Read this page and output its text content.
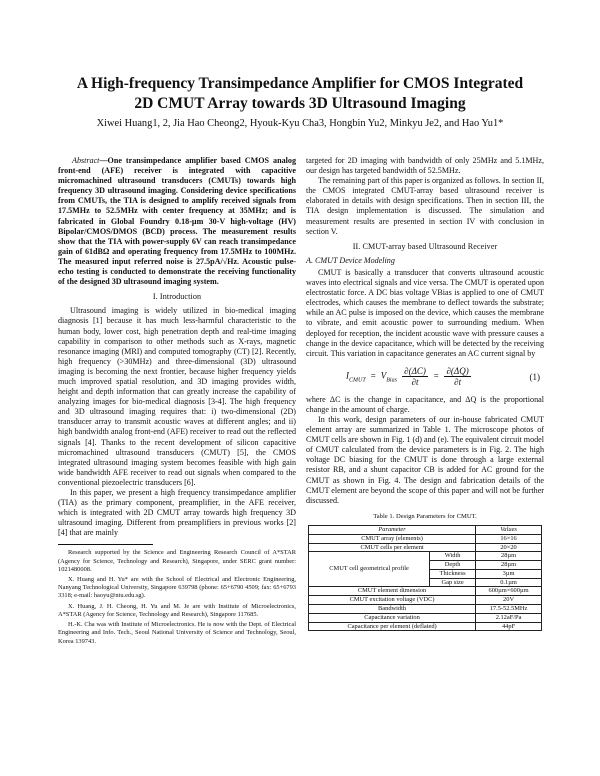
A High-frequency Transimpedance Amplifier for CMOS Integrated
2D CMUT Array towards 3D Ultrasound Imaging
Xiwei Huang1, 2, Jia Hao Cheong2, Hyouk-Kyu Cha3, Hongbin Yu2, Minkyu Je2, and Hao Yu1*

Abstract—One transimpedance amplifier based CMOS analog front-end (AFE) receiver is integrated with capacitive micromachined ultrasound transducers (CMUTs) towards high frequency 3D ultrasound imaging. Considering device specifications from CMUTs, the TIA is designed to amplify received signals from 17.5MHz to 52.5MHz with center frequency at 35MHz; and is fabricated in Global Foundry 0.18-µm 30-V high-voltage (HV) Bipolar/CMOS/DMOS (BCD) process. The measurement results show that the TIA with power-supply 6V can reach transimpedance gain of 61dBΩ and operating frequency from 17.5MHz to 100MHz. The measured input referred noise is 27.5pA/√Hz. Acoustic pulse-echo testing is conducted to demonstrate the receiving functionality of the designed 3D ultrasound imaging system.

I. Introduction

Ultrasound imaging is widely utilized in bio-medical imaging diagnosis [1] because it has much less-harmful characteristic to the human body, lower cost, high penetration depth and real-time imaging capability in comparison to other methods such as X-rays, magnetic resonance imaging (MRI) and computed tomography (CT) [2]. Recently, high frequency (>30MHz) and three-dimensional (3D) ultrasound imaging is becoming the next frontier, because higher frequency yields much improved spatial resolution, and 3D imaging provides width, height and depth information that can greatly increase the capability of analyzing images for bio-medical diagnosis [3-4]. The high frequency and 3D ultrasound imaging requires that: i) two-dimensional (2D) transducer array to transmit acoustic waves at different angles; and ii) high bandwidth analog front-end (AFE) receiver to read out the reflected signals [4]. Thanks to the recent development of silicon capacitive micromachined ultrasound transducers (CMUT) [5], the CMOS integrated ultrasound imaging system becomes feasible with high gain wide bandwidth AFE receiver to read out signals when compared to the conventional piezoelectric transducers [6].

In this paper, we present a high frequency transimpedance amplifier (TIA) as the primary component, preamplifier, in the AFE receiver, which is integrated with 2D CMUT array towards high frequency 3D ultrasound imaging. Different from preamplifiers in previous works [2][4] that are mainly

Research supported by the Science and Engineering Research Council of A*STAR (Agency for Science, Technology and Research), Singapore, under SERC grant number: 1021480008.

X. Huang and H. Yu* are with the School of Electrical and Electronic Engineering, Nanyang Technological University, Singapore 639798 (phone: 65+6790 4509; fax: 65+6793 3318; e-mail: haoyu@ntu.edu.sg).

X. Huang, J. H. Cheong, H. Yu and M. Je are with Institute of Microelectronics, A*STAR (Agency for Science, Technology and Research), Singapore 117685.

H.-K. Cha was with Institute of Microelectronics. He is now with the Dept. of Electrical Engineering and Info. Tech., Seoul National University of Science and Technology, Seoul, Korea 139743.

targeted for 2D imaging with bandwidth of only 25MHz and 5.1MHz, our design has targeted bandwidth of 52.5MHz.

The remaining part of this paper is organized as follows. In section II, the CMOS integrated CMUT-array based ultrasound receiver is elaborated in details with design specifications. Then in section III, the TIA design implementation is discussed. The simulation and measurement results are presented in section IV with conclusion in section V.

II. CMUT-array based Ultrasound Receiver
A. CMUT Device Modeling

CMUT is basically a transducer that converts ultrasound acoustic waves into electrical signals and vice versa. The CMUT is operated upon electrostatic force. A DC bias voltage VBias is applied to one of CMUT electrodes, which causes the membrane to deflect towards the substrate; while an AC pulse is imposed on the device, which causes the membrane to vibrate, and emit acoustic power to surrounding medium. When deployed for reception, the incident acoustic wave with pressure causes a change in the device capacitance, which will be detected by the receiving circuit. This variation in capacitance generates an AC current signal by

$I_{CMUT} = V_{Bias} \frac{\partial(\Delta C)}{\partial t} = \frac{\partial(\Delta Q)}{\partial t}$	(1)

where ΔC is the change in capacitance, and ΔQ is the proportional change in the amount of charge.

In this work, design parameters of our in-house fabricated CMUT element array are summarized in Table 1. The microscope photos of CMUT cells are shown in Fig. 1 (d) and (e). The equivalent circuit model of CMUT calculated from the device parameters is in Fig. 2. The high voltage DC biasing for the CMUT is done through a large external resistor RB, and a shunt capacitor CB is added for AC ground for the CMUT as shown in Fig. 4. The design and fabrication details of the CMUT element are beyond the scope of this paper and will not be further discussed.

Table 1. Design Parameters for CMUT.
Parameter		Values
CMUT array (elements)		16×16
CMUT cells per element		20×20
CMUT cell geometrical profile	Width	28µm
	Depth	28µm
	Thickness	3µm
	Gap size	0.1µm
CMUT element dimension		600µm×600µm
CMUT excitation voltage (VDC)		20V
Bandwidth		17.5-52.5MHz
Capacitance variation		2.12aF/Pa
Capacitance per element (deflated)		44pF
